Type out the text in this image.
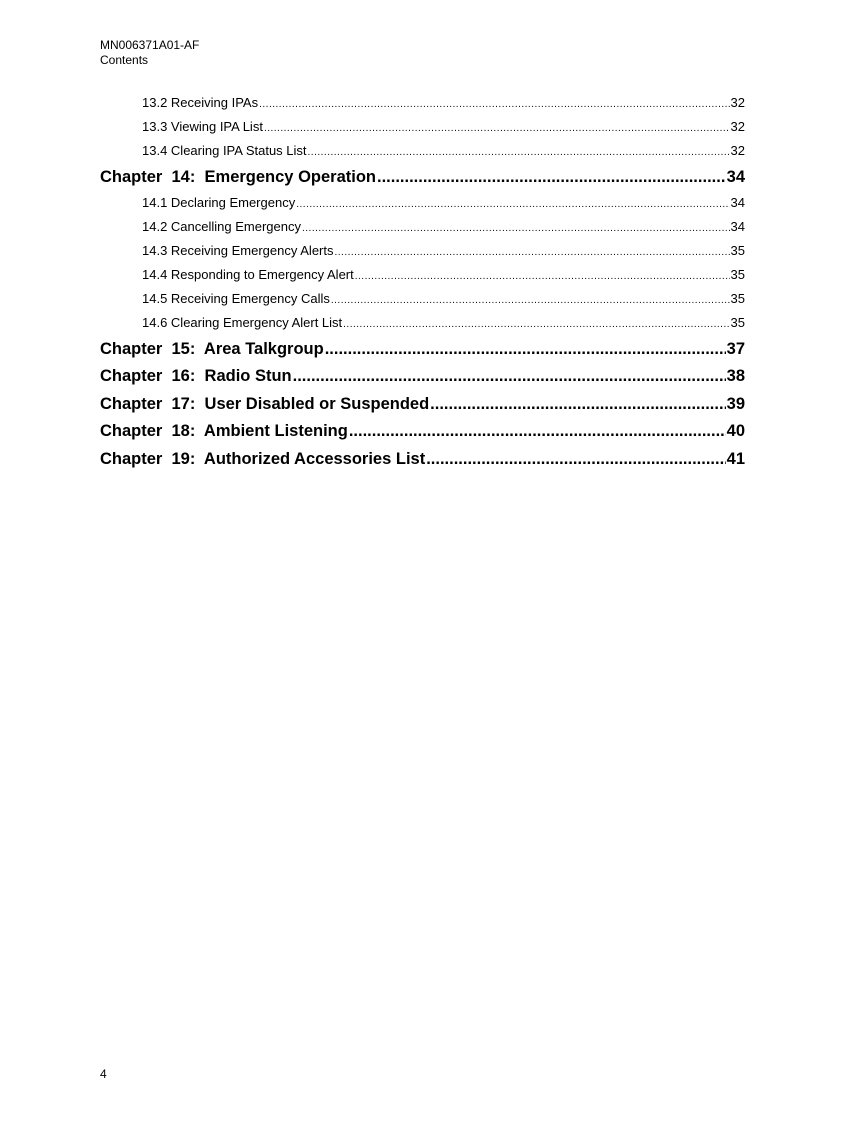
MN006371A01-AF
Contents
13.2 Receiving IPAs .....	32
13.3 Viewing IPA List .....	32
13.4 Clearing IPA Status List .....	32
Chapter  14:  Emergency Operation .....	34
14.1 Declaring Emergency .....	34
14.2 Cancelling Emergency .....	34
14.3 Receiving Emergency Alerts .....	35
14.4 Responding to Emergency Alert .....	35
14.5 Receiving Emergency Calls .....	35
14.6 Clearing Emergency Alert List .....	35
Chapter  15:  Area Talkgroup .....	37
Chapter  16:  Radio Stun .....	38
Chapter  17:  User Disabled or Suspended .....	39
Chapter  18:  Ambient Listening .....	40
Chapter  19:  Authorized Accessories List .....	41
4
